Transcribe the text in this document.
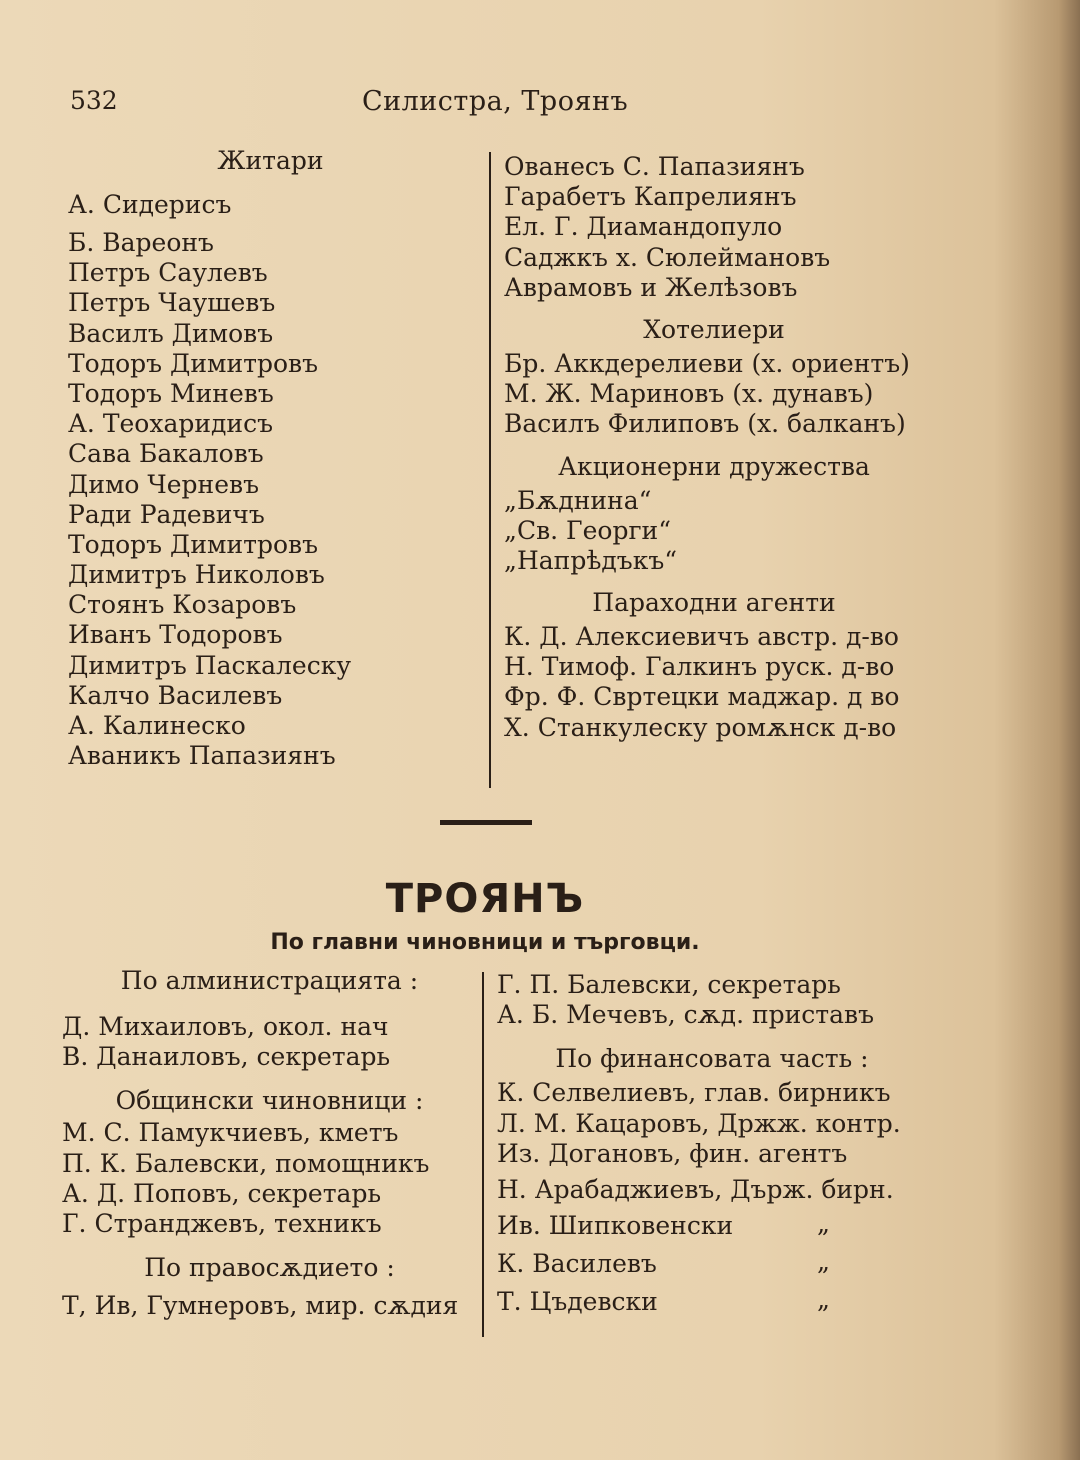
532	Силистра, Троянъ
Житари
А. Сидерисъ
Б. Вареонъ
Петръ Саулевъ
Петръ Чаушевъ
Василъ Димовъ
Тодоръ Димитровъ
Тодоръ Миневъ
А. Теохаридисъ
Сава Бакаловъ
Димо Черневъ
Ради Радевичъ
Тодоръ Димитровъ
Димитръ Николовъ
Стоянъ Козаровъ
Иванъ Тодоровъ
Димитръ Паскалеску
Калчо Василевъ
А. Калинеско
Аваникъ Папазиянъ
Ованесъ С. Папазиянъ
Гарабетъ Капрелиянъ
Ел. Г. Диамандопуло
Саджкъ х. Сюлеймановъ
Аврамовъ и Желѣзовъ
Хотелиери
Бр. Аккдерелиеви (х. ориентъ)
М. Ж. Мариновъ (х. дунавъ)
Василъ Филиповъ (х. балканъ)
Акционерни дружества
„Бѫднина“
„Св. Георги“
„Напрѣдъкъ“
Параходни агенти
К. Д. Алексиевичъ австр. д-во
Н. Тимоф. Галкинъ руск. д-во
Фр. Ф. Свртецки маджар. д во
Х. Станкулеску ромѫнск д-во
ТРОЯНЪ
По главни чиновници и търговци.
По алминистрацията :
Д. Михаиловъ, окол. нач
В. Данаиловъ, секретарь
Общински чиновници :
М. С. Памукчиевъ, кметъ
П. К. Балевски, помощникъ
А. Д. Поповъ, секретарь
Г. Странджевъ, техникъ
По правосѫдието :
Т, Ив, Гумнеровъ, мир. сѫдия
Г. П. Балевски, секретарь
А. Б. Мечевъ, сѫд. приставъ
По финансовата часть :
К. Селвелиевъ, глав. бирникъ
Л. М. Кацаровъ, Држж. контр.
Из. Догановъ, фин. агентъ
Н. Арабаджиевъ, Държ. бирн.
Ив. Шипковенски	„
К. Василевъ	„
Т. Цъдевски	„
